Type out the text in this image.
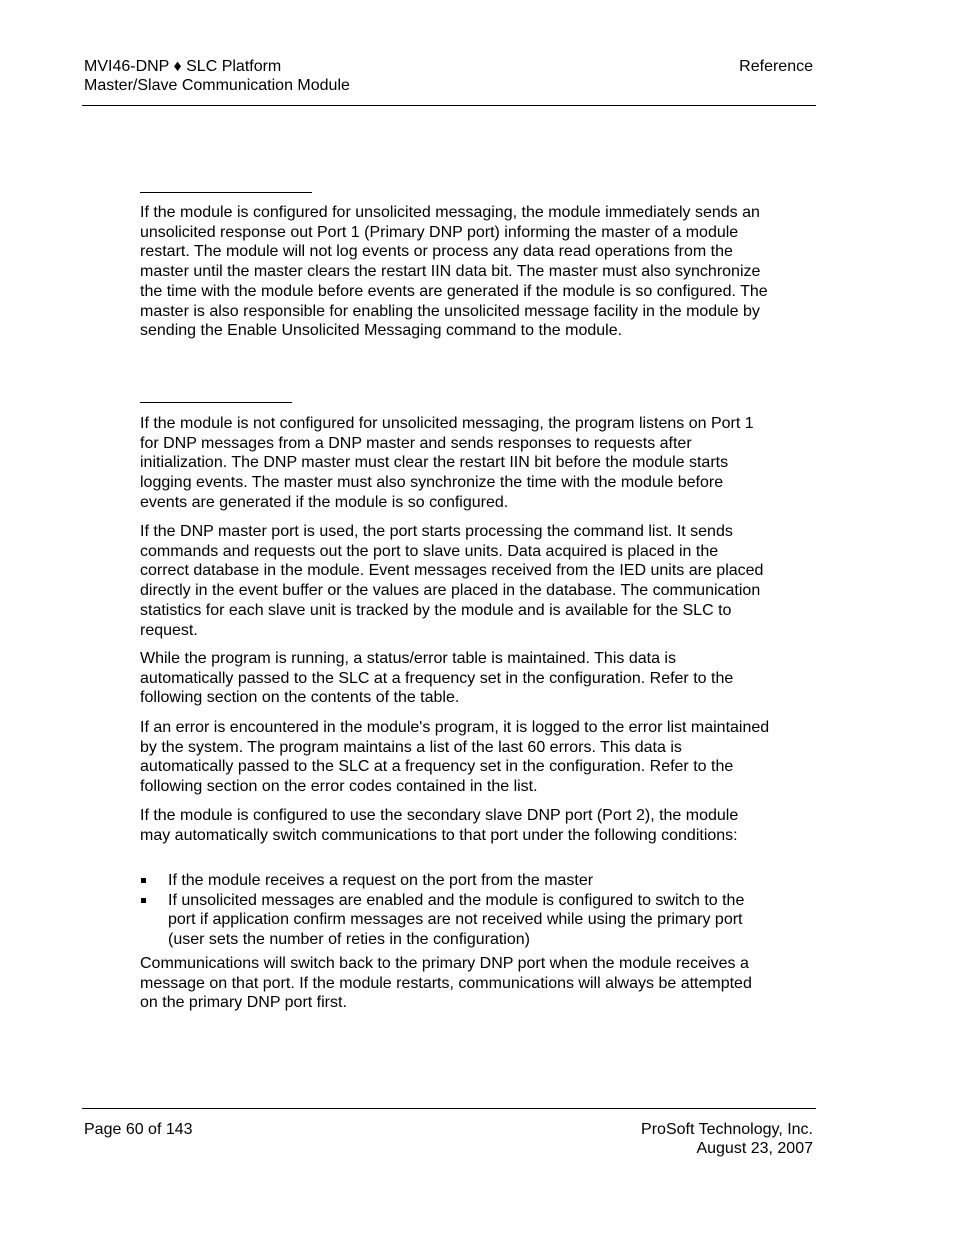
MVI46-DNP ♦ SLC Platform
Master/Slave Communication Module
Reference

If the module is configured for unsolicited messaging, the module immediately sends an unsolicited response out Port 1 (Primary DNP port) informing the master of a module restart. The module will not log events or process any data read operations from the master until the master clears the restart IIN data bit. The master must also synchronize the time with the module before events are generated if the module is so configured. The master is also responsible for enabling the unsolicited message facility in the module by sending the Enable Unsolicited Messaging command to the module.

If the module is not configured for unsolicited messaging, the program listens on Port 1 for DNP messages from a DNP master and sends responses to requests after initialization. The DNP master must clear the restart IIN bit before the module starts logging events. The master must also synchronize the time with the module before events are generated if the module is so configured.

If the DNP master port is used, the port starts processing the command list. It sends commands and requests out the port to slave units. Data acquired is placed in the correct database in the module. Event messages received from the IED units are placed directly in the event buffer or the values are placed in the database. The communication statistics for each slave unit is tracked by the module and is available for the SLC to request.

While the program is running, a status/error table is maintained. This data is automatically passed to the SLC at a frequency set in the configuration. Refer to the following section on the contents of the table.

If an error is encountered in the module's program, it is logged to the error list maintained by the system. The program maintains a list of the last 60 errors. This data is automatically passed to the SLC at a frequency set in the configuration. Refer to the following section on the error codes contained in the list.

If the module is configured to use the secondary slave DNP port (Port 2), the module may automatically switch communications to that port under the following conditions:

If the module receives a request on the port from the master
If unsolicited messages are enabled and the module is configured to switch to the port if application confirm messages are not received while using the primary port (user sets the number of reties in the configuration)

Communications will switch back to the primary DNP port when the module receives a message on that port. If the module restarts, communications will always be attempted on the primary DNP port first.

Page 60 of 143	ProSoft Technology, Inc.
August 23, 2007
